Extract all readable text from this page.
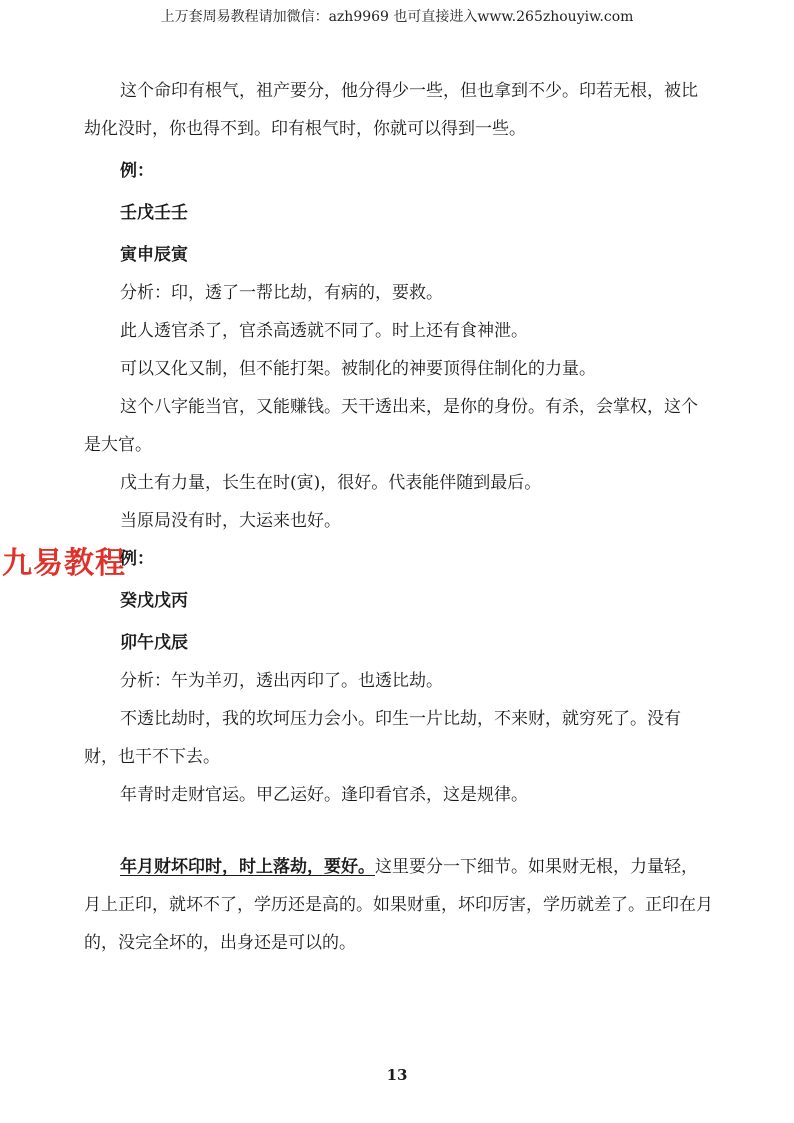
上万套周易教程请加微信：azh9969 也可直接进入www.265zhouyiw.com
九易教程

这个命印有根气，祖产要分，他分得少一些，但也拿到不少。印若无根，被比劫化没时，你也得不到。印有根气时，你就可以得到一些。

例：

壬戊壬壬

寅申辰寅

分析：印，透了一帮比劫，有病的，要救。

此人透官杀了，官杀高透就不同了。时上还有食神泄。

可以又化又制，但不能打架。被制化的神要顶得住制化的力量。

这个八字能当官，又能赚钱。天干透出来，是你的身份。有杀，会掌权，这个是大官。

戊土有力量，长生在时(寅)，很好。代表能伴随到最后。

当原局没有时，大运来也好。

例：

癸戊戊丙

卯午戊辰

分析：午为羊刃，透出丙印了。也透比劫。

不透比劫时，我的坎坷压力会小。印生一片比劫，不来财，就穷死了。没有财，也干不下去。

年青时走财官运。甲乙运好。逢印看官杀，这是规律。

年月财坏印时，时上落劫，要好。这里要分一下细节。如果财无根，力量轻，月上正印，就坏不了，学历还是高的。如果财重，坏印厉害，学历就差了。正印在月的，没完全坏的，出身还是可以的。

13
